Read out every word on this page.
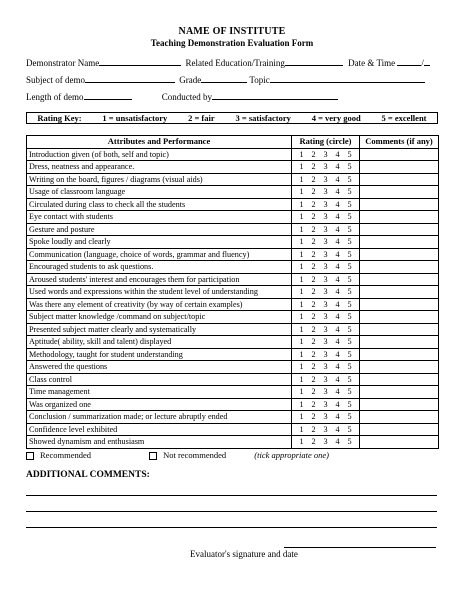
NAME OF INSTITUTE
Teaching Demonstration Evaluation Form
Demonstrator Name	Related Education/Training	Date & Time	/
Subject of demo	Grade	Topic
Length of demo	Conducted by
Rating Key: 1 = unsatisfactory 2 = fair 3 = satisfactory 4 = very good 5 = excellent
Attributes and Performance	Rating (circle)	Comments (if any)
Introduction given (of both, self and topic)	1 2 3 4 5	
Dress, neatness and appearance.	1 2 3 4 5	
Writing on the board, figures / diagrams (visual aids)	1 2 3 4 5	
Usage of classroom language	1 2 3 4 5	
Circulated during class to check all the students	1 2 3 4 5	
Eye contact with students	1 2 3 4 5	
Gesture and posture	1 2 3 4 5	
Spoke loudly and clearly	1 2 3 4 5	
Communication (language, choice of words, grammar and fluency)	1 2 3 4 5	
Encouraged students to ask questions.	1 2 3 4 5	
Aroused students' interest and encourages them for participation	1 2 3 4 5	
Used words and expressions within the student level of understanding	1 2 3 4 5	
Was there any element of creativity (by way of certain examples)	1 2 3 4 5	
Subject matter knowledge /command on subject/topic	1 2 3 4 5	
Presented subject matter clearly and systematically	1 2 3 4 5	
Aptitude( ability, skill and talent) displayed	1 2 3 4 5	
Methodology, taught for student understanding	1 2 3 4 5	
Answered the questions	1 2 3 4 5	
Class control	1 2 3 4 5	
Time management	1 2 3 4 5	
Was organized one	1 2 3 4 5	
Conclusion / summarization made; or lecture abruptly ended	1 2 3 4 5	
Confidence level exhibited	1 2 3 4 5	
Showed dynamism and enthusiasm	1 2 3 4 5	
Recommended	Not recommended	(tick appropriate one)
ADDITIONAL COMMENTS:
Evaluator's signature and date
